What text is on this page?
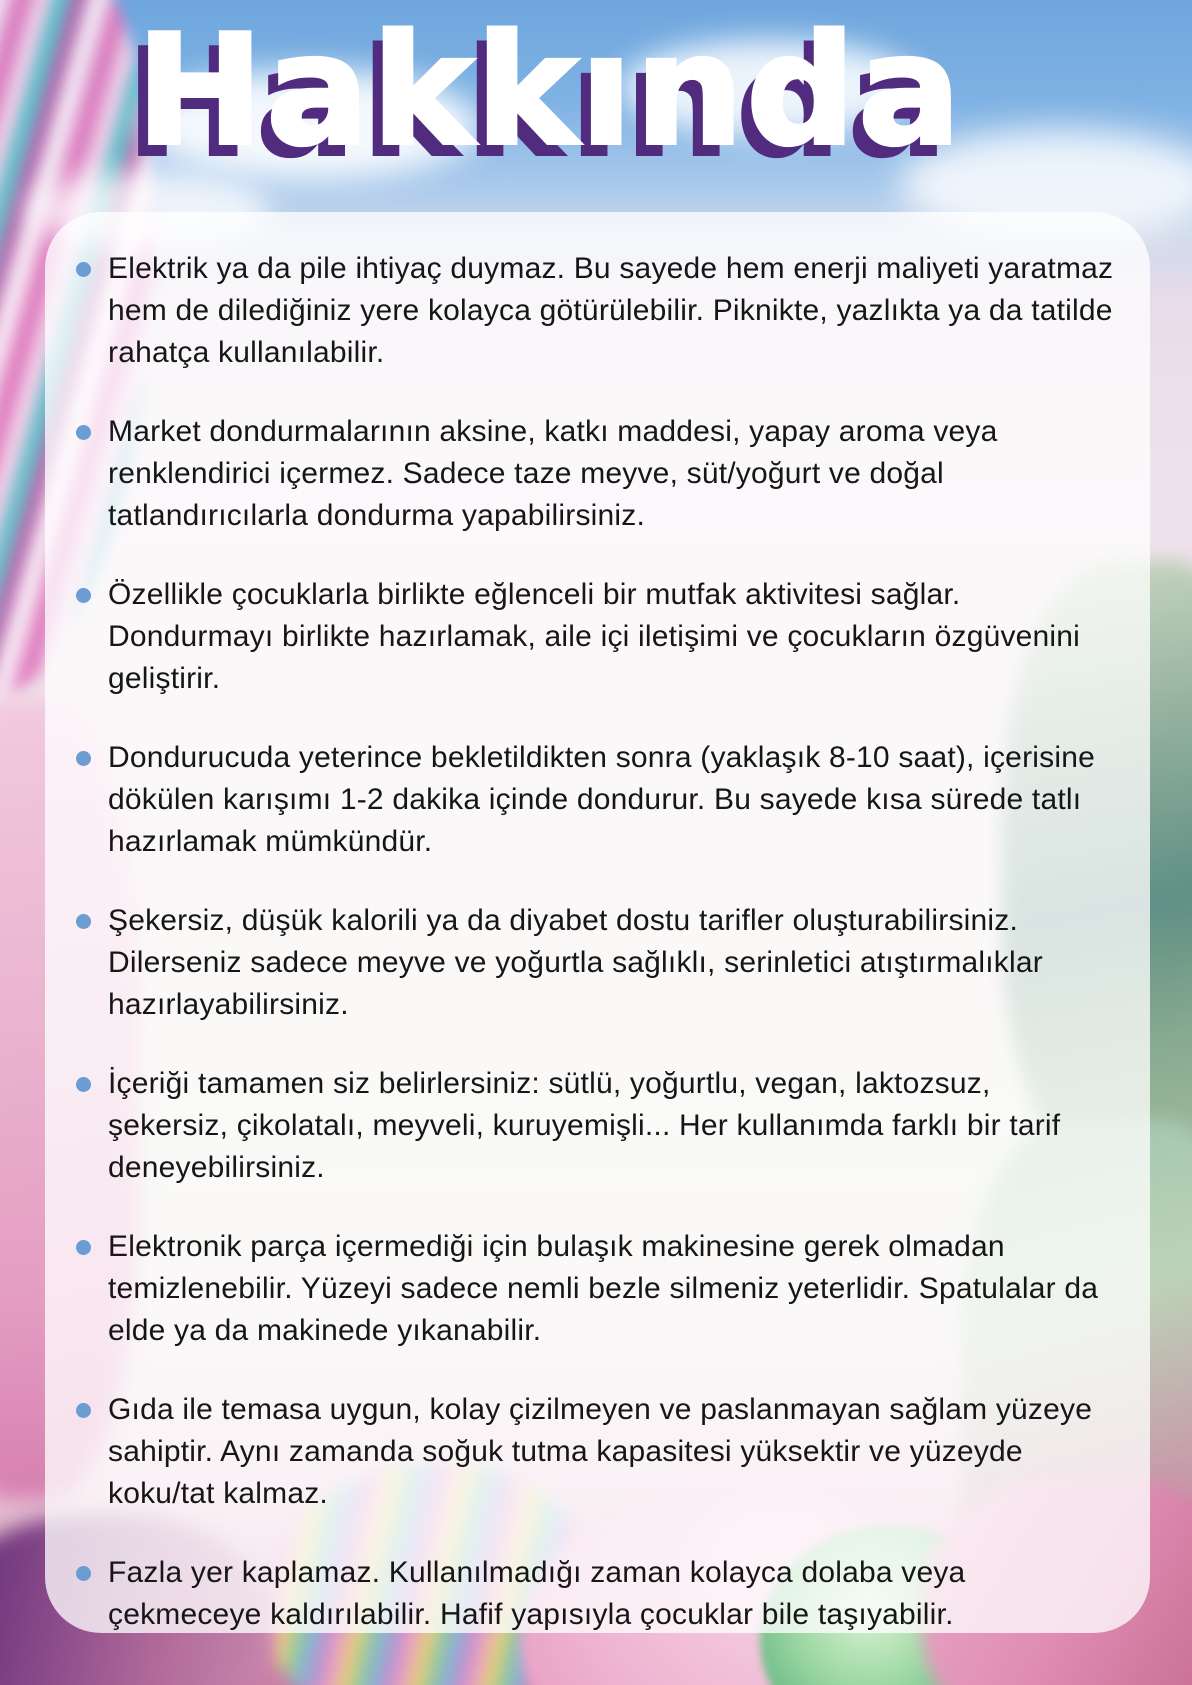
Hakkında

Elektrik ya da pile ihtiyaç duymaz. Bu sayede hem enerji maliyeti yaratmaz hem de dilediğiniz yere kolayca götürülebilir. Piknikte, yazlıkta ya da tatilde rahatça kullanılabilir.

Market dondurmalarının aksine, katkı maddesi, yapay aroma veya renklendirici içermez. Sadece taze meyve, süt/yoğurt ve doğal tatlandırıcılarla dondurma yapabilirsiniz.

Özellikle çocuklarla birlikte eğlenceli bir mutfak aktivitesi sağlar. Dondurmayı birlikte hazırlamak, aile içi iletişimi ve çocukların özgüvenini geliştirir.

Dondurucuda yeterince bekletildikten sonra (yaklaşık 8-10 saat), içerisine dökülen karışımı 1-2 dakika içinde dondurur. Bu sayede kısa sürede tatlı hazırlamak mümkündür.

Şekersiz, düşük kalorili ya da diyabet dostu tarifler oluşturabilirsiniz. Dilerseniz sadece meyve ve yoğurtla sağlıklı, serinletici atıştırmalıklar hazırlayabilirsiniz.

İçeriği tamamen siz belirlersiniz: sütlü, yoğurtlu, vegan, laktozsuz, şekersiz, çikolatalı, meyveli, kuruyemişli... Her kullanımda farklı bir tarif deneyebilirsiniz.

Elektronik parça içermediği için bulaşık makinesine gerek olmadan temizlenebilir. Yüzeyi sadece nemli bezle silmeniz yeterlidir. Spatulalar da elde ya da makinede yıkanabilir.

Gıda ile temasa uygun, kolay çizilmeyen ve paslanmayan sağlam yüzeye sahiptir. Aynı zamanda soğuk tutma kapasitesi yüksektir ve yüzeyde koku/tat kalmaz.

Fazla yer kaplamaz. Kullanılmadığı zaman kolayca dolaba veya çekmeceye kaldırılabilir. Hafif yapısıyla çocuklar bile taşıyabilir.
